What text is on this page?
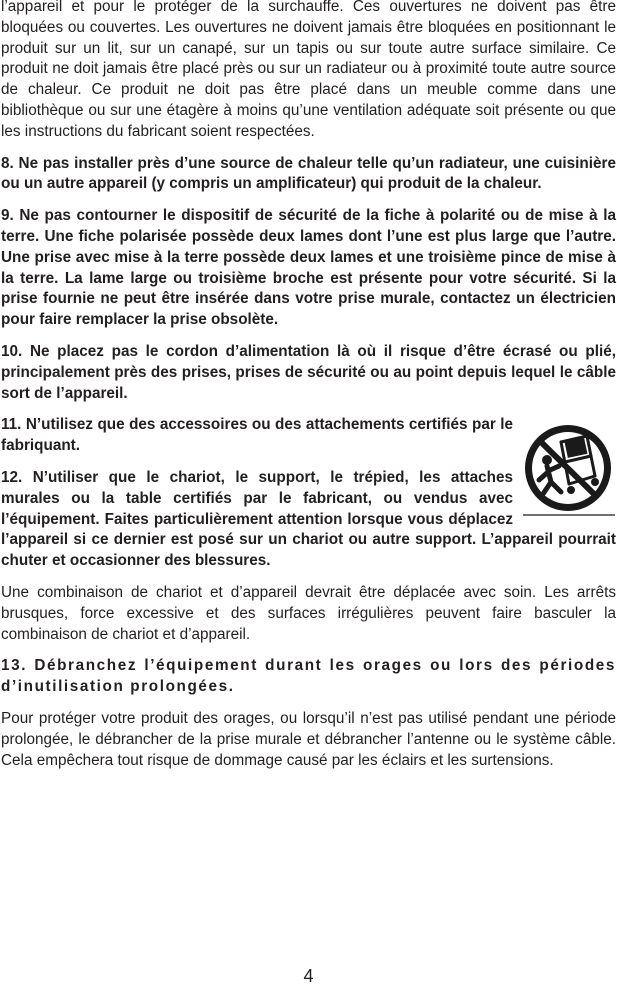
l’appareil et pour le protéger de la surchauffe. Ces ouvertures ne doivent pas être bloquées ou couvertes. Les ouvertures ne doivent jamais être bloquées en positionnant le produit sur un lit, sur un canapé, sur un tapis ou sur toute autre surface similaire. Ce produit ne doit jamais être placé près ou sur un radiateur ou à proximité toute autre source de chaleur. Ce produit ne doit pas être placé dans un meuble comme dans une bibliothèque ou sur une étagère à moins qu’une ventilation adéquate soit présente ou que les instructions du fabricant soient respectées.

8. Ne pas installer près d’une source de chaleur telle qu’un radiateur, une cuisinière ou un autre appareil (y compris un amplificateur) qui produit de la chaleur.

9. Ne pas contourner le dispositif de sécurité de la fiche à polarité ou de mise à la terre. Une fiche polarisée possède deux lames dont l’une est plus large que l’autre. Une prise avec mise à la terre possède deux lames et une troisième pince de mise à la terre. La lame large ou troisième broche est présente pour votre sécurité. Si la prise fournie ne peut être insérée dans votre prise murale, contactez un électricien pour faire remplacer la prise obsolète.

10. Ne placez pas le cordon d’alimentation là où il risque d’être écrasé ou plié, principalement près des prises, prises de sécurité ou au point depuis lequel le câble sort de l’appareil.

11. N’utilisez que des accessoires ou des attachements certifiés par le fabriquant.

12. N’utiliser que le chariot, le support, le trépied, les attaches murales ou la table certifiés par le fabricant, ou vendus avec l’équipement. Faites particulièrement attention lorsque vous déplacez l’appareil si ce dernier est posé sur un chariot ou autre support. L’appareil pourrait chuter et occasionner des blessures.

Une combinaison de chariot et d’appareil devrait être déplacée avec soin. Les arrêts brusques, force excessive et des surfaces irrégulières peuvent faire basculer la combinaison de chariot et d’appareil.

13. Débranchez l’équipement durant les orages ou lors des périodes d’inutilisation prolongées.

Pour protéger votre produit des orages, ou lorsqu’il n’est pas utilisé pendant une période prolongée, le débrancher de la prise murale et débrancher l’antenne ou le système câble. Cela empêchera tout risque de dommage causé par les éclairs et les surtensions.

4
